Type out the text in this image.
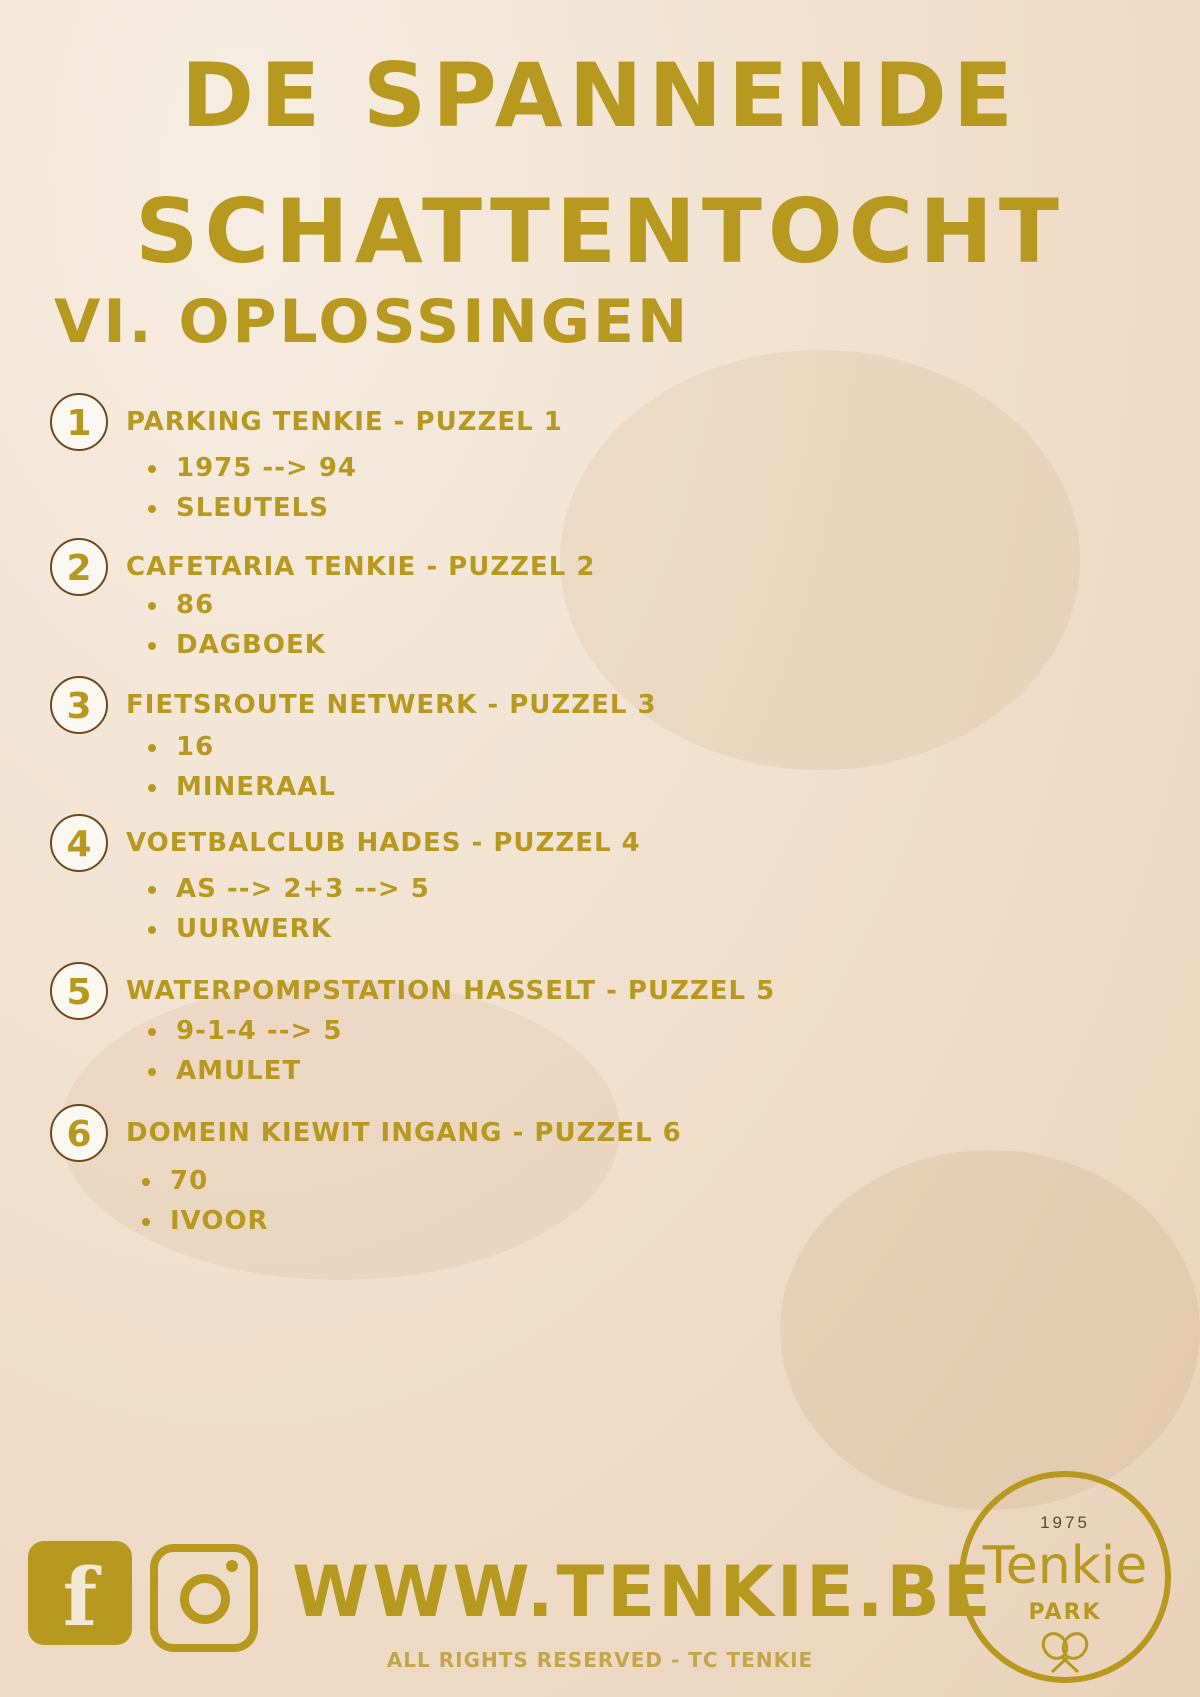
DE SPANNENDE
SCHATTENTOCHT
VI. OPLOSSINGEN
1	PARKING TENKIE - PUZZEL 1
1975 --> 94
SLEUTELS
2	CAFETARIA TENKIE - PUZZEL 2
86
DAGBOEK
3	FIETSROUTE NETWERK - PUZZEL 3
16
MINERAAL
4	VOETBALCLUB HADES - PUZZEL 4
AS --> 2+3 --> 5
UURWERK
5	WATERPOMPSTATION HASSELT - PUZZEL 5
9-1-4 --> 5
AMULET
6	DOMEIN KIEWIT INGANG - PUZZEL 6
70
IVOOR
f	WWW.TENKIE.BE
ALL RIGHTS RESERVED - TC TENKIE
1975
Tenkie
PARK
